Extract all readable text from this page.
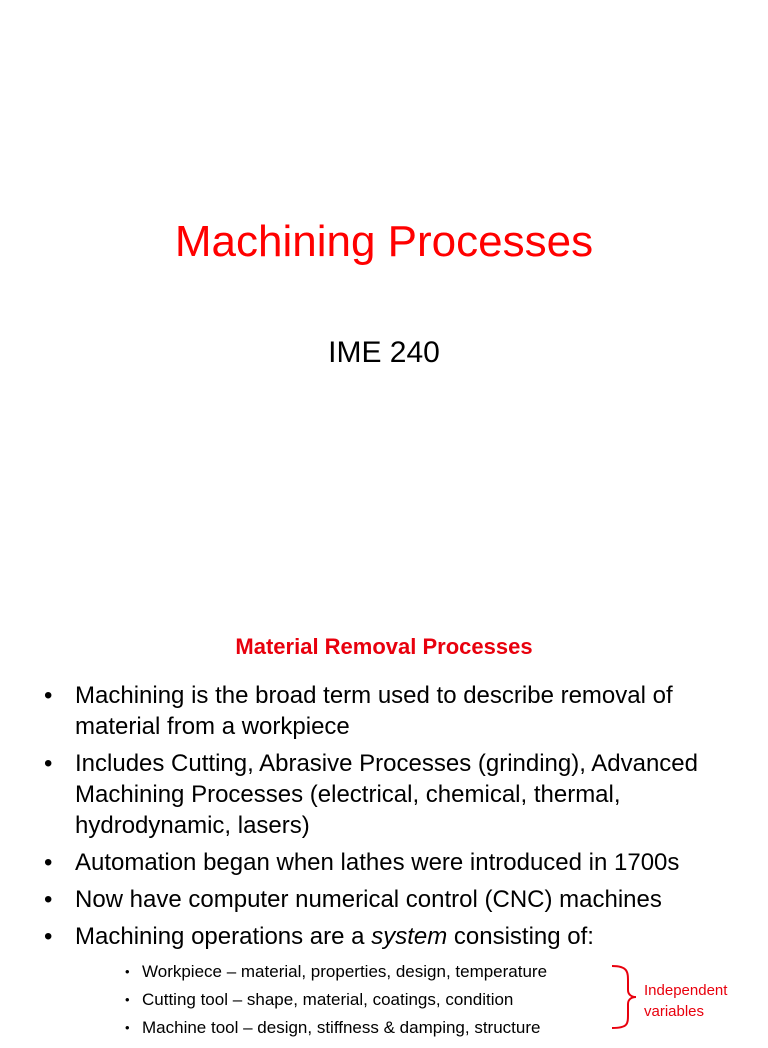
Machining Processes
IME 240
Material Removal Processes
• Machining is the broad term used to describe removal of material from a workpiece
• Includes Cutting, Abrasive Processes (grinding), Advanced Machining Processes (electrical, chemical, thermal, hydrodynamic, lasers)
• Automation began when lathes were introduced in 1700s
• Now have computer numerical control (CNC) machines
• Machining operations are a system consisting of:
• Workpiece – material, properties, design, temperature
• Cutting tool – shape, material, coatings, condition
• Machine tool – design, stiffness & damping, structure
Independent variables
